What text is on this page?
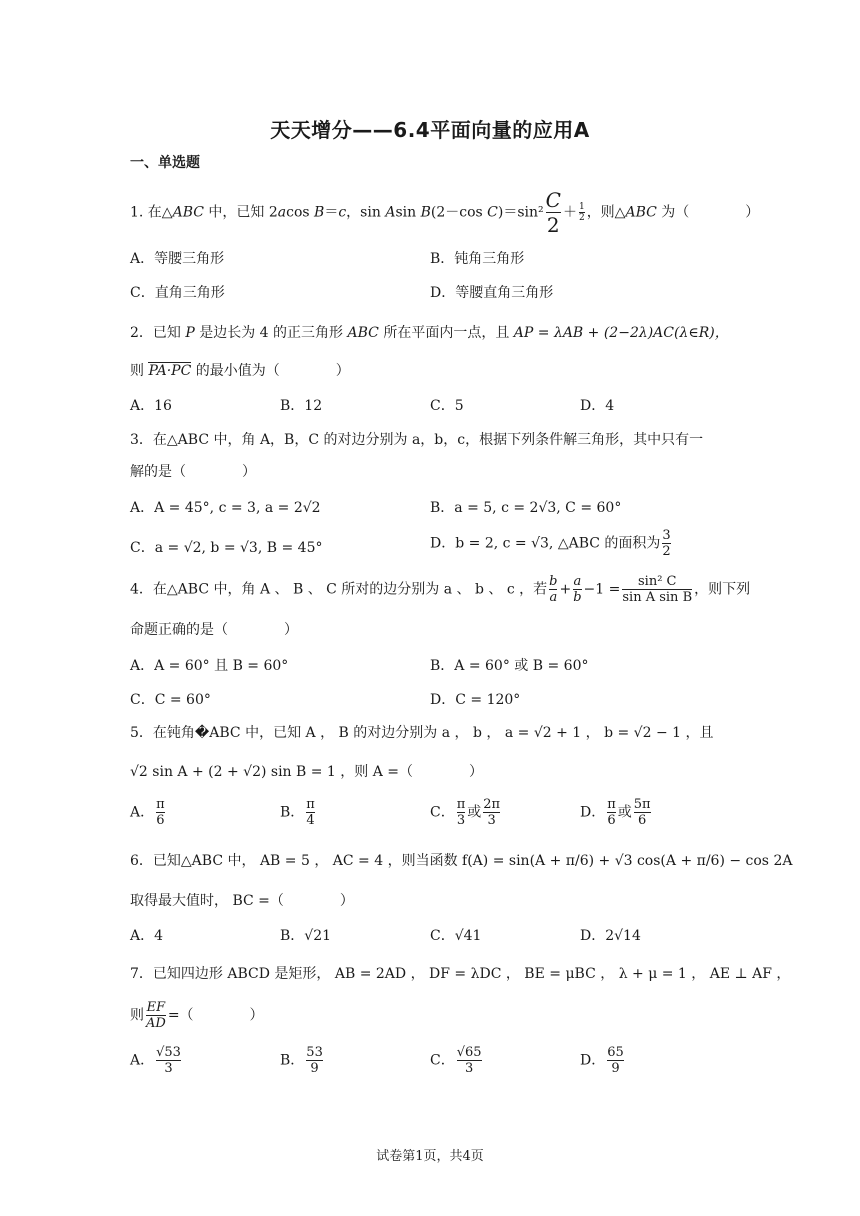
天天增分——6.4平面向量的应用A
一、单选题
1. 在△ABC 中，已知 2acos B＝c，sin Asin B(2－cos $C)=\sin^2 \frac{C}{2} + \frac{1}{2}$ ，则△ABC 为（　　　　）
A．等腰三角形	B．钝角三角形
C．直角三角形	D．等腰直角三角形
2．已知 P 是边长为 4 的正三角形 ABC 所在平面内一点，且 AP = λAB + (2−2λ)AC(λ∈R)，
则 PA·PC 的最小值为（　　　　）
A．16	B．12	C．5	D．4
3．在△ABC 中，角 A，B，C 的对边分别为 a，b，c，根据下列条件解三角形，其中只有一
解的是（　　　　）
A．A = 45°, c = 3, a = 2√2	B．a = 5, c = 2√3, C = 60°
C．a = √2, b = √3, B = 45°	D．b = 2, c = √3, △ABC 的面积为 $\frac{3}{2}$
4．在△ABC 中，角 A 、 B 、 C 所对的边分别为 a 、 b 、 c ，若 $\frac{b}{a} + \frac{a}{b} -1 = \frac{\text{sin² C}}{\text{sin A sin B}}$ ，则下列
命题正确的是（　　　　）
A．A = 60° 且 B = 60°	B．A = 60° 或 B = 60°
C．C = 60°	D．C = 120°
5．在钝角�ABC 中，已知 A ， B 的对边分别为 a ， b ， a = √2 + 1 ， b = √2 − 1 ，且
√2 sin A + (2 + √2) sin B = 1 ，则 A =（　　　　）
A． $\frac{\pi}{6}$	B． $\frac{\pi}{4}$	C． $\frac{\pi}{3}$ 或 $\frac{2\pi}{3}$	D． $\frac{\pi}{6}$ 或 $\frac{5\pi}{6}$
6．已知△ABC 中， AB = 5 ， AC = 4 ，则当函数 f(A) = sin(A + π/6) + √3 cos(A + π/6) − cos 2A
取得最大值时， BC =（　　　　）
A．4	B．√21	C．√41	D．2√14
7．已知四边形 ABCD 是矩形， AB = 2AD ， DF = λDC ， BE = μBC ， λ + μ = 1 ， AE ⊥ AF ，
则 $\frac{EF}{AD}$ =（　　　　）
A． $\frac{√53}{3}$	B． $\frac{53}{9}$	C． $\frac{√65}{3}$	D． $\frac{65}{9}$
试卷第1页，共4页
